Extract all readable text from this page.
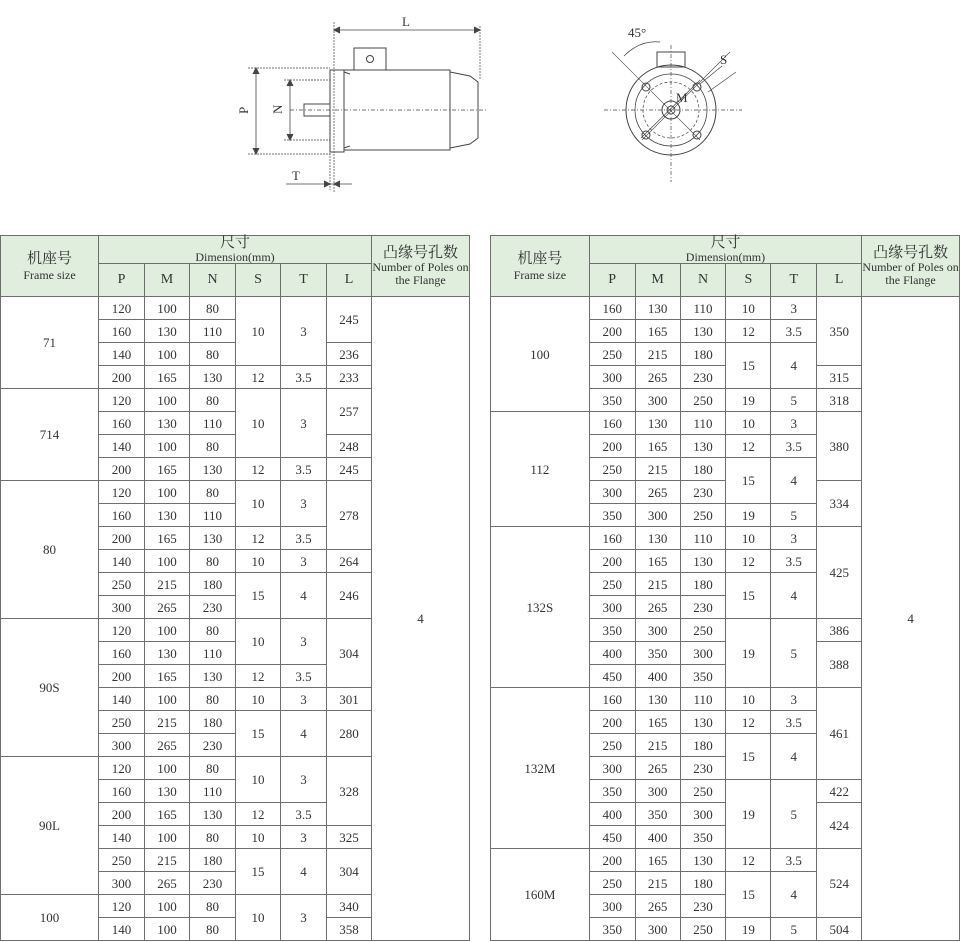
L
P N
T
45°
S
M
机座号
Frame size	尺寸
Dimension(mm)						凸缘号孔数
Number of Poles on the Flange

	P	M	N	S	T	L	
71	120	100	80	10	3	245	4
	160	130	110				
	140	100	80			236	
	200	165	130	12	3.5	233	
714	120	100	80	10	3	257	
	160	130	110				
	140	100	80			248	
	200	165	130	12	3.5	245	
80	120	100	80	10	3	278	
	160	130	110				
	200	165	130	12	3.5		
	140	100	80	10	3	264	
	250	215	180	15	4	246	
	300	265	230				
90S	120	100	80	10	3	304	
	160	130	110				
	200	165	130	12	3.5		
	140	100	80	10	3	301	
	250	215	180	15	4	280	
	300	265	230				
90L	120	100	80	10	3	328	
	160	130	110				
	200	165	130	12	3.5		
	140	100	80	10	3	325	
	250	215	180	15	4	304	
	300	265	230				
100	120	100	80	10	3	340	
	140	100	80			358	
机座号
Frame size	尺寸
Dimension(mm)						凸缘号孔数
Number of Poles on the Flange

	P	M	N	S	T	L	
100	160	130	110	10	3	350	4
	200	165	130	12	3.5		
	250	215	180	15	4		
	300	265	230			315	
	350	300	250	19	5	318	
112	160	130	110	10	3	380	
	200	165	130	12	3.5		
	250	215	180	15	4		
	300	265	230			334	
	350	300	250	19	5		
132S	160	130	110	10	3	425	
	200	165	130	12	3.5		
	250	215	180	15	4		
	300	265	230				
	350	300	250	19	5	386	
	400	350	300			388	
	450	400	350				
132M	160	130	110	10	3	461	
	200	165	130	12	3.5		
	250	215	180	15	4		
	300	265	230				
	350	300	250	19	5	422	
	400	350	300			424	
	450	400	350				
160M	200	165	130	12	3.5	524	
	250	215	180	15	4		
	300	265	230				
	350	300	250	19	5	504	
